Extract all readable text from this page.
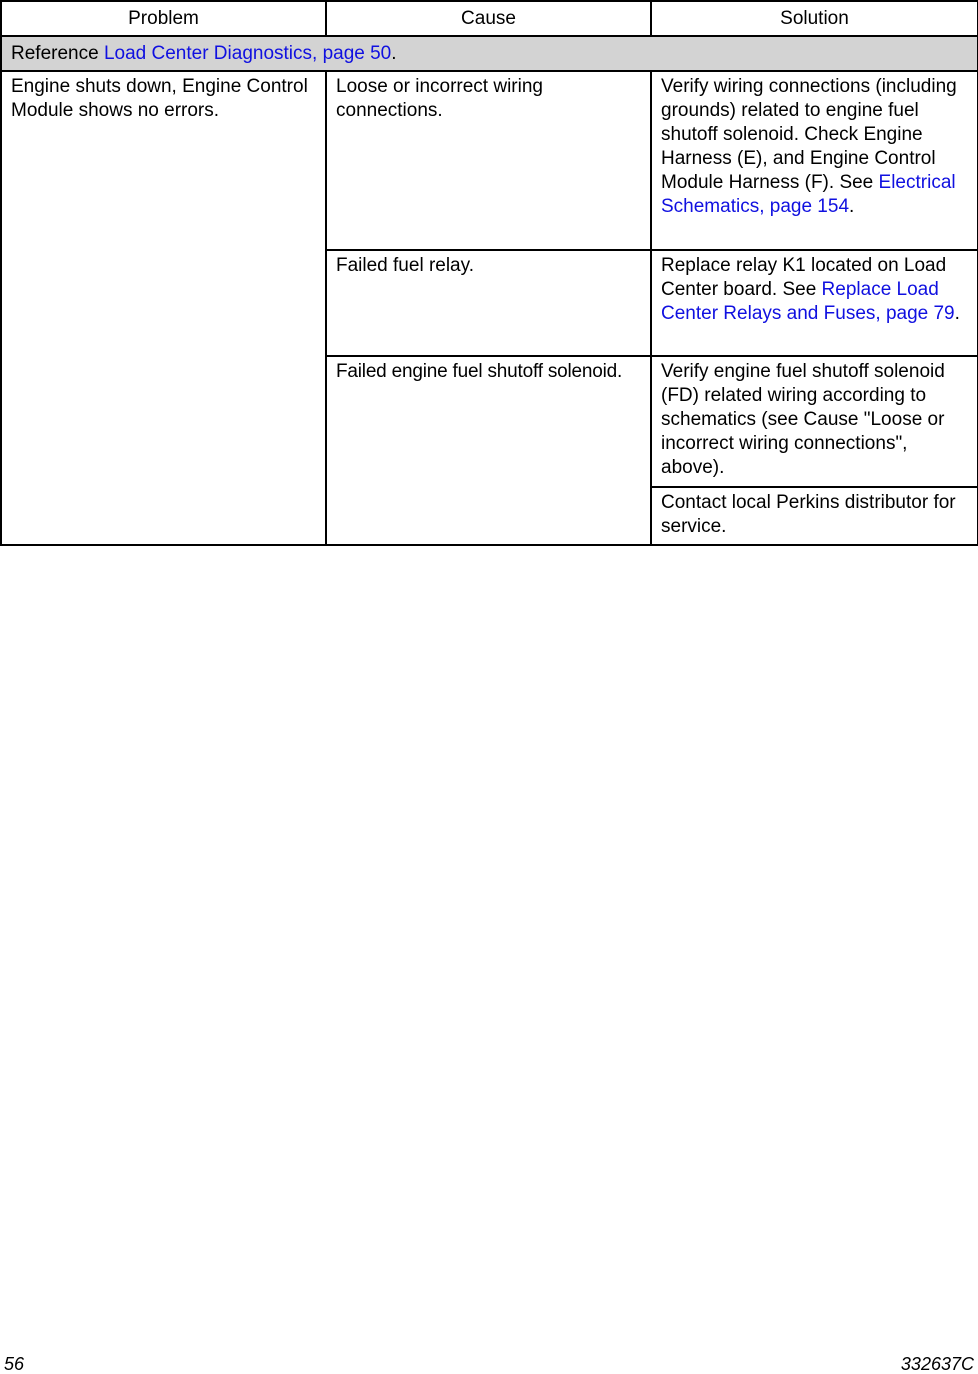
Problem	Cause	Solution
Reference Load Center Diagnostics, page 50.		
Engine shuts down, Engine Control Module shows no errors.	Loose or incorrect wiring connections.	Verify wiring connections (including grounds) related to engine fuel shutoff solenoid. Check Engine Harness (E), and Engine Control Module Harness (F). See Electrical Schematics, page 154.
	Failed fuel relay.	Replace relay K1 located on Load Center board. See Replace Load Center Relays and Fuses, page 79.
	Failed engine fuel shutoff solenoid.	Verify engine fuel shutoff solenoid (FD) related wiring according to schematics (see Cause "Loose or incorrect wiring connections", above).
		Contact local Perkins distributor for service.
56	332637C
